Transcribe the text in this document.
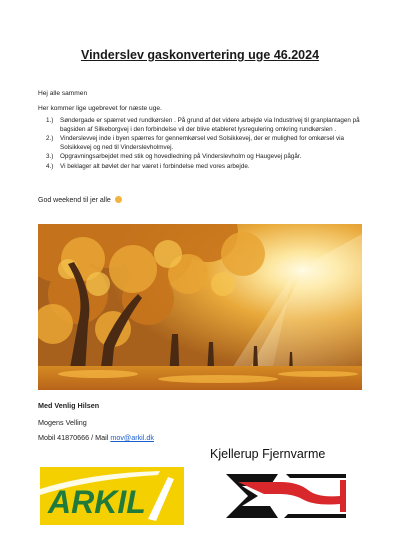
Vinderslev gaskonvertering uge 46.2024
Hej alle sammen
Her kommer lige ugebrevet for næste uge.
1.)	Søndergade er spærret ved rundkørslen . På grund af det videre arbejde via Industrivej til granplantagen på bagsiden af Silkeborgvej i den forbindelse vil der blive etableret lysregulering omkring rundkørslen .
2.)	Vinderslevvej inde i byen spærres for gennemkørsel ved Solsikkevej, der er mulighed for omkørsel via Solsikkevej og ned til Vinderslevholmvej.
3.)	Opgravningsarbejdet med stik og hovedledning på Vinderslevholm og Haugevej pågår.
4.)	Vi beklager alt bøvlet der har været i forbindelse med vores arbejde.
God weekend til jer alle
Med Venlig Hilsen
Mogens Velling
Mobil 41870666 / Mail mov@arkil.dk
Kjellerup Fjernvarme
ARKIL
